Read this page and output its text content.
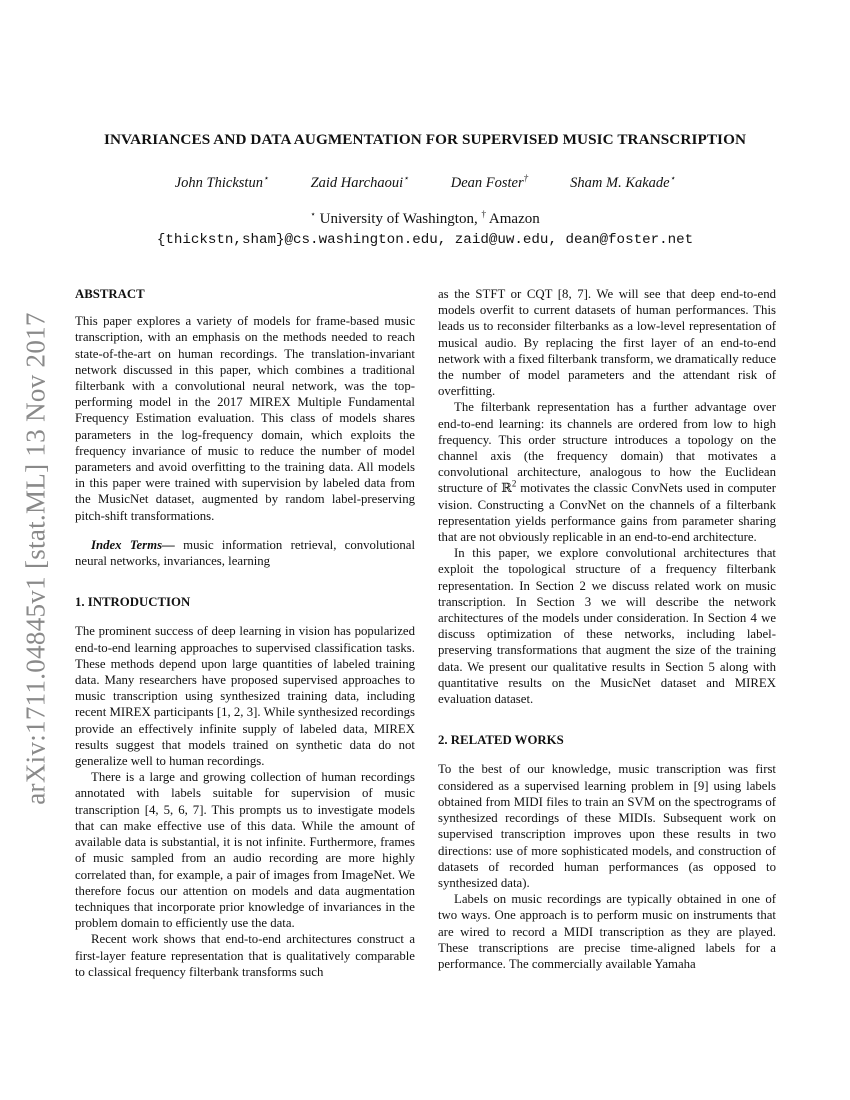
arXiv:1711.04845v1 [stat.ML] 13 Nov 2017
INVARIANCES AND DATA AUGMENTATION FOR SUPERVISED MUSIC TRANSCRIPTION
John Thickstun⋆	Zaid Harchaoui⋆	Dean Foster†	Sham M. Kakade⋆
⋆ University of Washington, † Amazon
{thickstn,sham}@cs.washington.edu, zaid@uw.edu, dean@foster.net

ABSTRACT

This paper explores a variety of models for frame-based music transcription, with an emphasis on the methods needed to reach state-of-the-art on human recordings. The translation-invariant network discussed in this paper, which combines a traditional filterbank with a convolutional neural network, was the top-performing model in the 2017 MIREX Multiple Fundamental Frequency Estimation evaluation. This class of models shares parameters in the log-frequency domain, which exploits the frequency invariance of music to reduce the number of model parameters and avoid overfitting to the training data. All models in this paper were trained with supervision by labeled data from the MusicNet dataset, augmented by random label-preserving pitch-shift transformations.

Index Terms— music information retrieval, convolutional neural networks, invariances, learning

1. INTRODUCTION

The prominent success of deep learning in vision has popularized end-to-end learning approaches to supervised classification tasks. These methods depend upon large quantities of labeled training data. Many researchers have proposed supervised approaches to music transcription using synthesized training data, including recent MIREX participants [1, 2, 3]. While synthesized recordings provide an effectively infinite supply of labeled data, MIREX results suggest that models trained on synthetic data do not generalize well to human recordings.

There is a large and growing collection of human recordings annotated with labels suitable for supervision of music transcription [4, 5, 6, 7]. This prompts us to investigate models that can make effective use of this data. While the amount of available data is substantial, it is not infinite. Furthermore, frames of music sampled from an audio recording are more highly correlated than, for example, a pair of images from ImageNet. We therefore focus our attention on models and data augmentation techniques that incorporate prior knowledge of invariances in the problem domain to efficiently use the data.

Recent work shows that end-to-end architectures construct a first-layer feature representation that is qualitatively comparable to classical frequency filterbank transforms such

as the STFT or CQT [8, 7]. We will see that deep end-to-end models overfit to current datasets of human performances. This leads us to reconsider filterbanks as a low-level representation of musical audio. By replacing the first layer of an end-to-end network with a fixed filterbank transform, we dramatically reduce the number of model parameters and the attendant risk of overfitting.

The filterbank representation has a further advantage over end-to-end learning: its channels are ordered from low to high frequency. This order structure introduces a topology on the channel axis (the frequency domain) that motivates a convolutional architecture, analogous to how the Euclidean structure of ℝ$^2$ motivates the classic ConvNets used in computer vision. Constructing a ConvNet on the channels of a filterbank representation yields performance gains from parameter sharing that are not obviously replicable in an end-to-end architecture.

In this paper, we explore convolutional architectures that exploit the topological structure of a frequency filterbank representation. In Section 2 we discuss related work on music transcription. In Section 3 we will describe the network architectures of the models under consideration. In Section 4 we discuss optimization of these networks, including label-preserving transformations that augment the size of the training data. We present our qualitative results in Section 5 along with quantitative results on the MusicNet dataset and MIREX evaluation dataset.

2. RELATED WORKS

To the best of our knowledge, music transcription was first considered as a supervised learning problem in [9] using labels obtained from MIDI files to train an SVM on the spectrograms of synthesized recordings of these MIDIs. Subsequent work on supervised transcription improves upon these results in two directions: use of more sophisticated models, and construction of datasets of recorded human performances (as opposed to synthesized data).

Labels on music recordings are typically obtained in one of two ways. One approach is to perform music on instruments that are wired to record a MIDI transcription as they are played. These transcriptions are precise time-aligned labels for a performance. The commercially available Yamaha
